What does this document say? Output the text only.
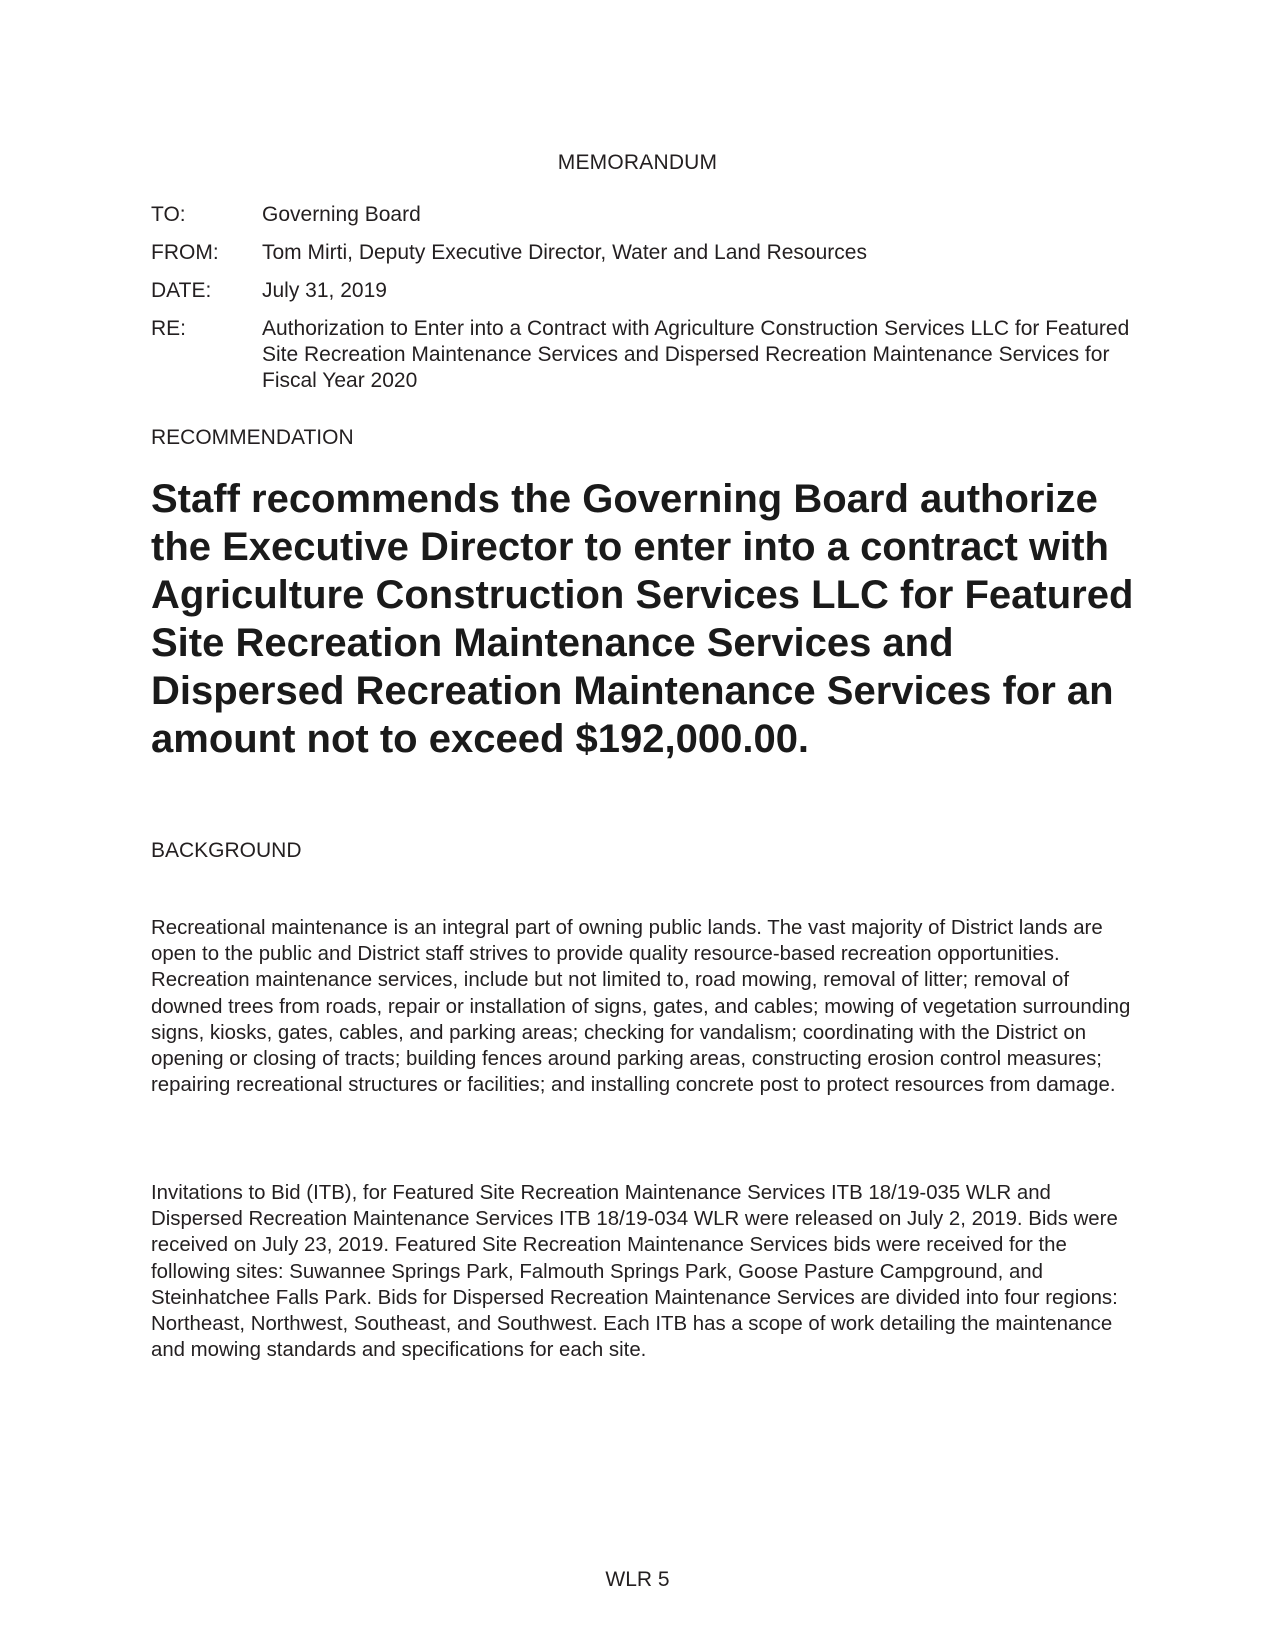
MEMORANDUM
TO:	Governing Board
FROM:	Tom Mirti, Deputy Executive Director, Water and Land Resources
DATE:	July 31, 2019
RE:	Authorization to Enter into a Contract with Agriculture Construction Services LLC for Featured Site Recreation Maintenance Services and Dispersed Recreation Maintenance Services for Fiscal Year 2020
RECOMMENDATION
Staff recommends the Governing Board authorize the Executive Director to enter into a contract with Agriculture Construction Services LLC for Featured Site Recreation Maintenance Services and Dispersed Recreation Maintenance Services for an amount not to exceed $192,000.00.
BACKGROUND

Recreational maintenance is an integral part of owning public lands. The vast majority of District lands are open to the public and District staff strives to provide quality resource-based recreation opportunities. Recreation maintenance services, include but not limited to, road mowing, removal of litter; removal of downed trees from roads, repair or installation of signs, gates, and cables; mowing of vegetation surrounding signs, kiosks, gates, cables, and parking areas; checking for vandalism; coordinating with the District on opening or closing of tracts; building fences around parking areas, constructing erosion control measures; repairing recreational structures or facilities; and installing concrete post to protect resources from damage.

Invitations to Bid (ITB), for Featured Site Recreation Maintenance Services ITB 18/19-035 WLR and Dispersed Recreation Maintenance Services ITB 18/19-034 WLR were released on July 2, 2019. Bids were received on July 23, 2019. Featured Site Recreation Maintenance Services bids were received for the following sites: Suwannee Springs Park, Falmouth Springs Park, Goose Pasture Campground, and Steinhatchee Falls Park. Bids for Dispersed Recreation Maintenance Services are divided into four regions: Northeast, Northwest, Southeast, and Southwest. Each ITB has a scope of work detailing the maintenance and mowing standards and specifications for each site.

WLR 5
